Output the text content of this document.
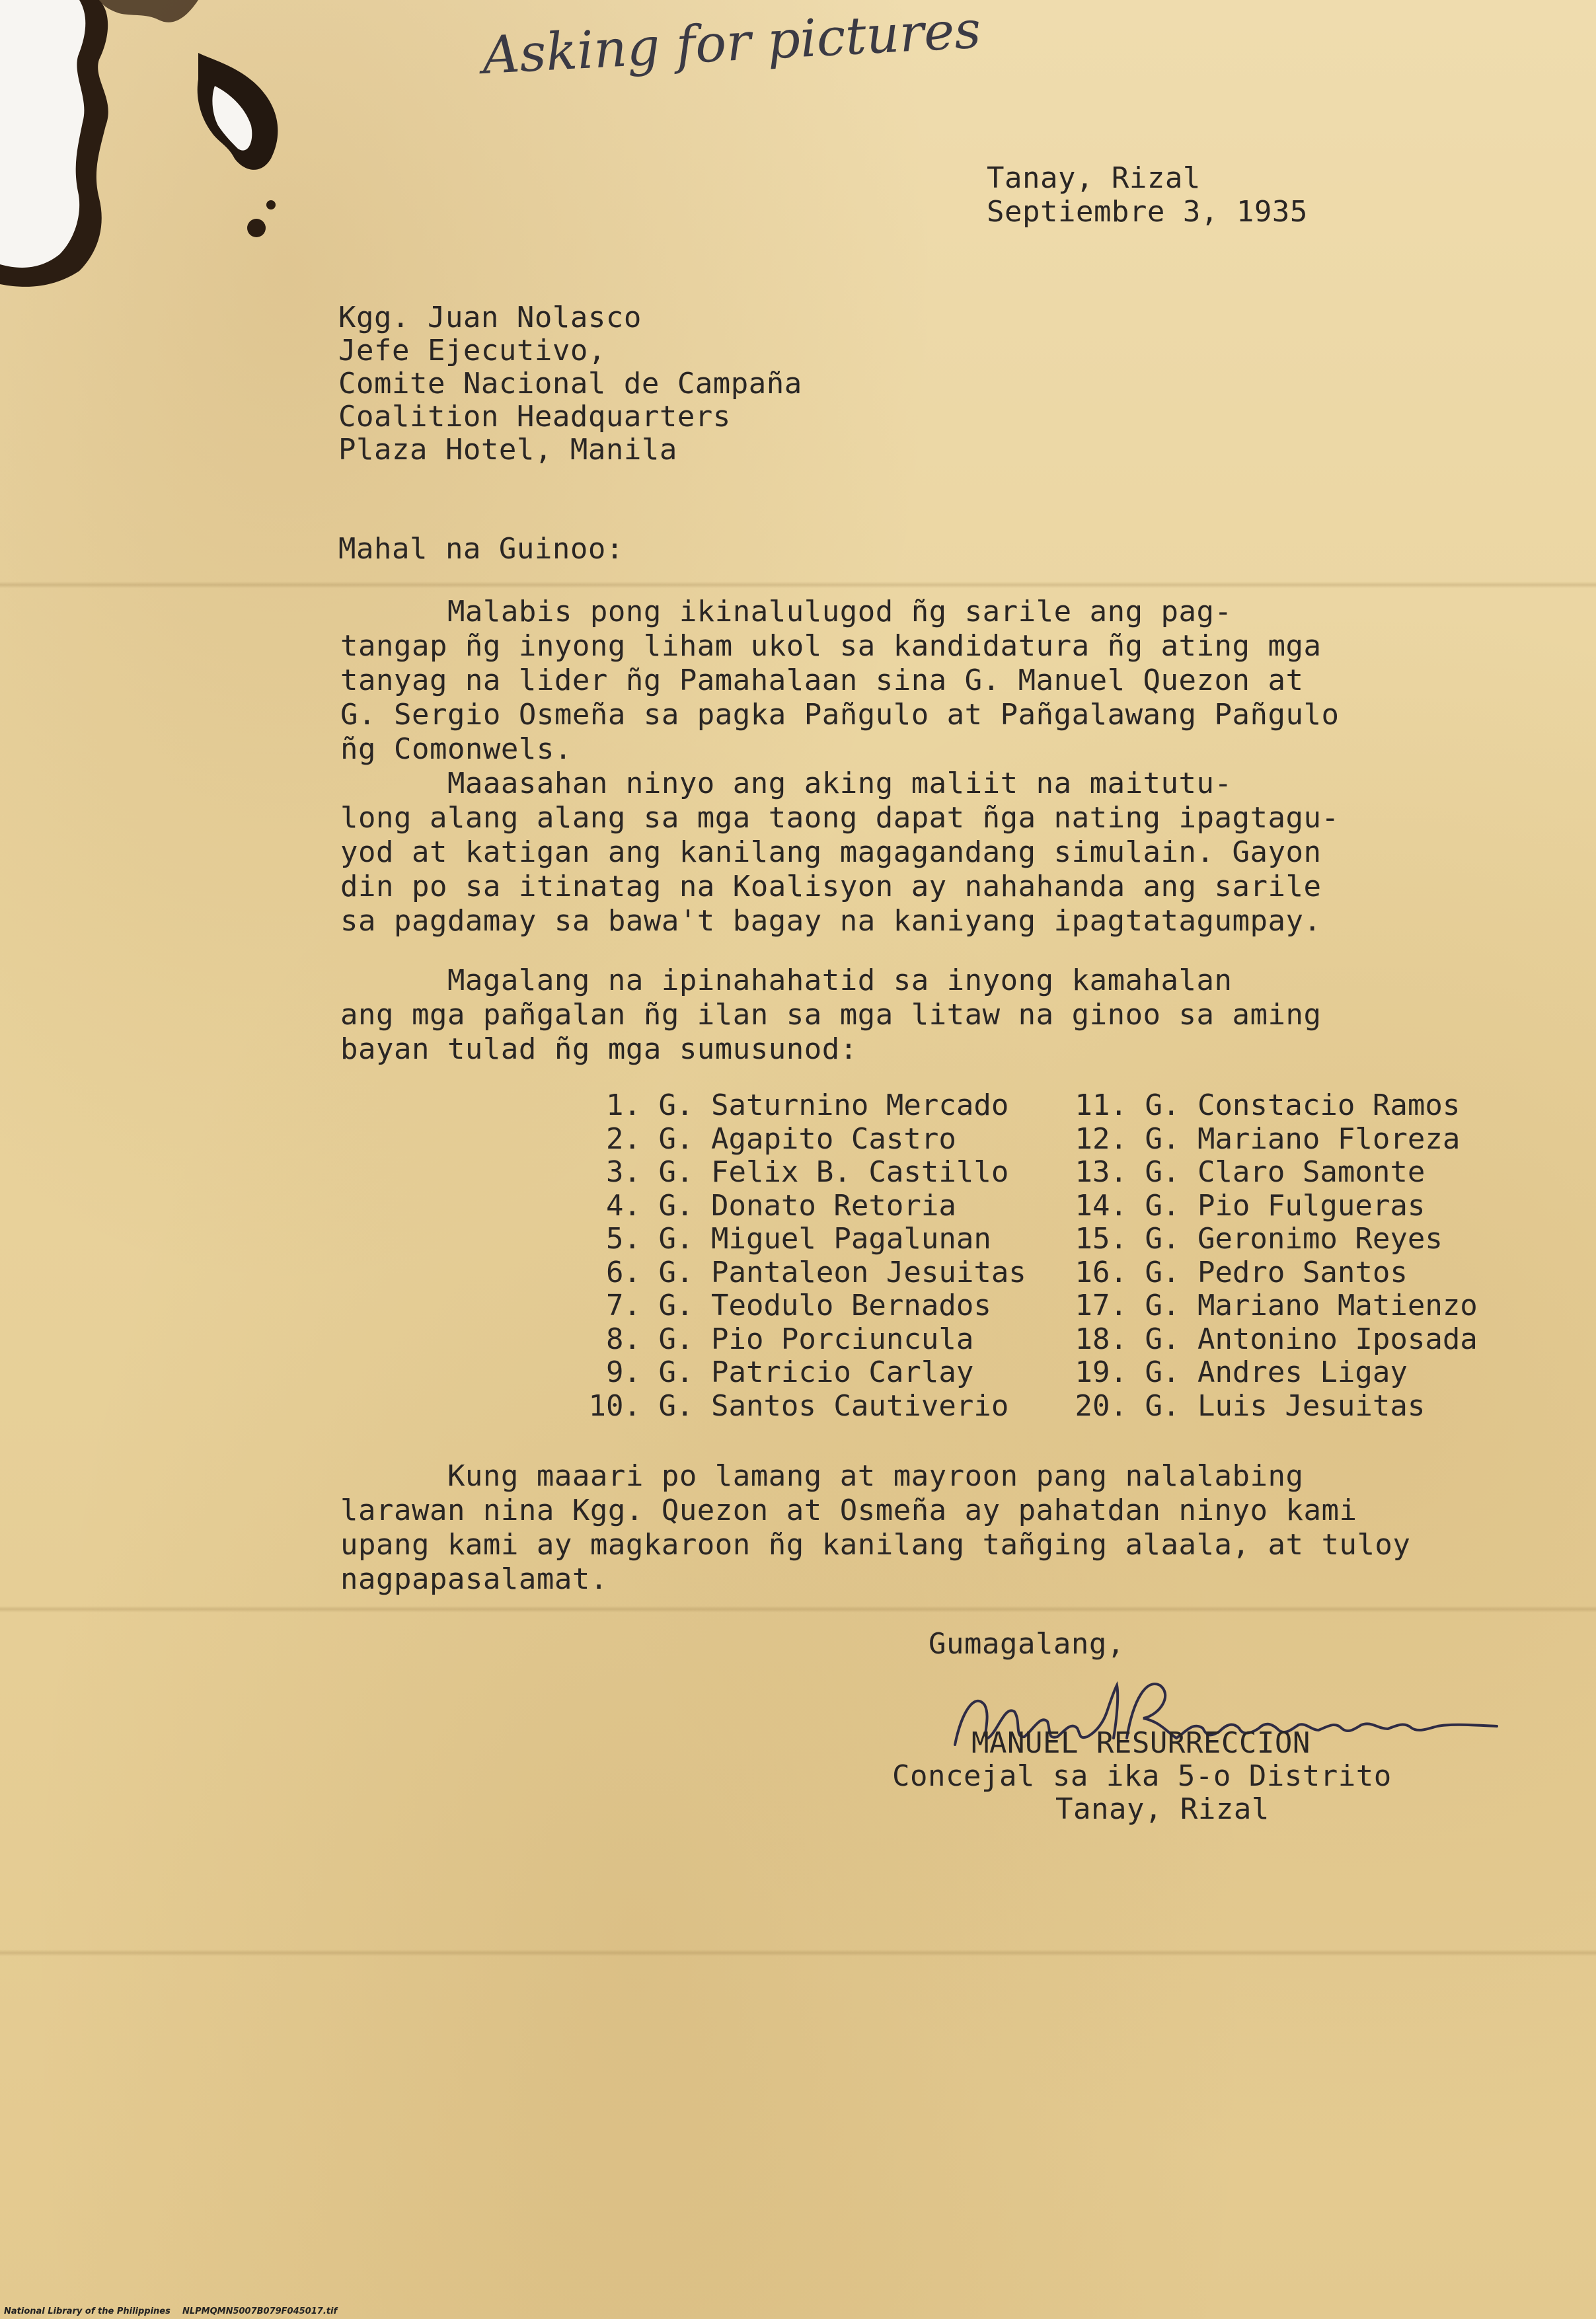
Asking for pictures
Tanay, Rizal
Septiembre 3, 1935
Kgg. Juan Nolasco
Jefe Ejecutivo,
Comite Nacional de Campaña
Coalition Headquarters
Plaza Hotel, Manila
Mahal na Guinoo:
Malabis pong ikinalulugod ñg sarile ang pag-
tangap ñg inyong liham ukol sa kandidatura ñg ating mga
tanyag na lider ñg Pamahalaan sina G. Manuel Quezon at
G. Sergio Osmeña sa pagka Pañgulo at Pañgalawang Pañgulo
ñg Comonwels.
Maaasahan ninyo ang aking maliit na maitutu-
long alang alang sa mga taong dapat ñga nating ipagtagu-
yod at katigan ang kanilang magagandang simulain. Gayon
din po sa itinatag na Koalisyon ay nahahanda ang sarile
sa pagdamay sa bawa't bagay na kaniyang ipagtatagumpay.
Magalang na ipinahahatid sa inyong kamahalan
ang mga pañgalan ñg ilan sa mga litaw na ginoo sa aming
bayan tulad ñg mga sumusunod:
1. G. Saturnino Mercado 11. G. Constacio Ramos
2. G. Agapito Castro	12. G. Mariano Floreza
3. G. Felix B. Castillo 13. G. Claro Samonte
4. G. Donato Retoria	14. G. Pio Fulgueras
5. G. Miguel Pagalunan	15. G. Geronimo Reyes
6. G. Pantaleon Jesuitas 16. G. Pedro Santos
7. G. Teodulo Bernados	17. G. Mariano Matienzo
8. G. Pio Porciuncula	18. G. Antonino Iposada
9. G. Patricio Carlay	19. G. Andres Ligay
10. G. Santos Cautiverio 20. G. Luis Jesuitas
Kung maaari po lamang at mayroon pang nalalabing
larawan nina Kgg. Quezon at Osmeña ay pahatdan ninyo kami
upang kami ay magkaroon ñg kanilang tañging alaala, at tuloy
nagpapasalamat.
Gumagalang,
MANUEL RESURRECCION
Concejal sa ika 5-o Distrito
Tanay, Rizal
National Library of the Philippines    NLPMQMN5007B079F045017.tif
